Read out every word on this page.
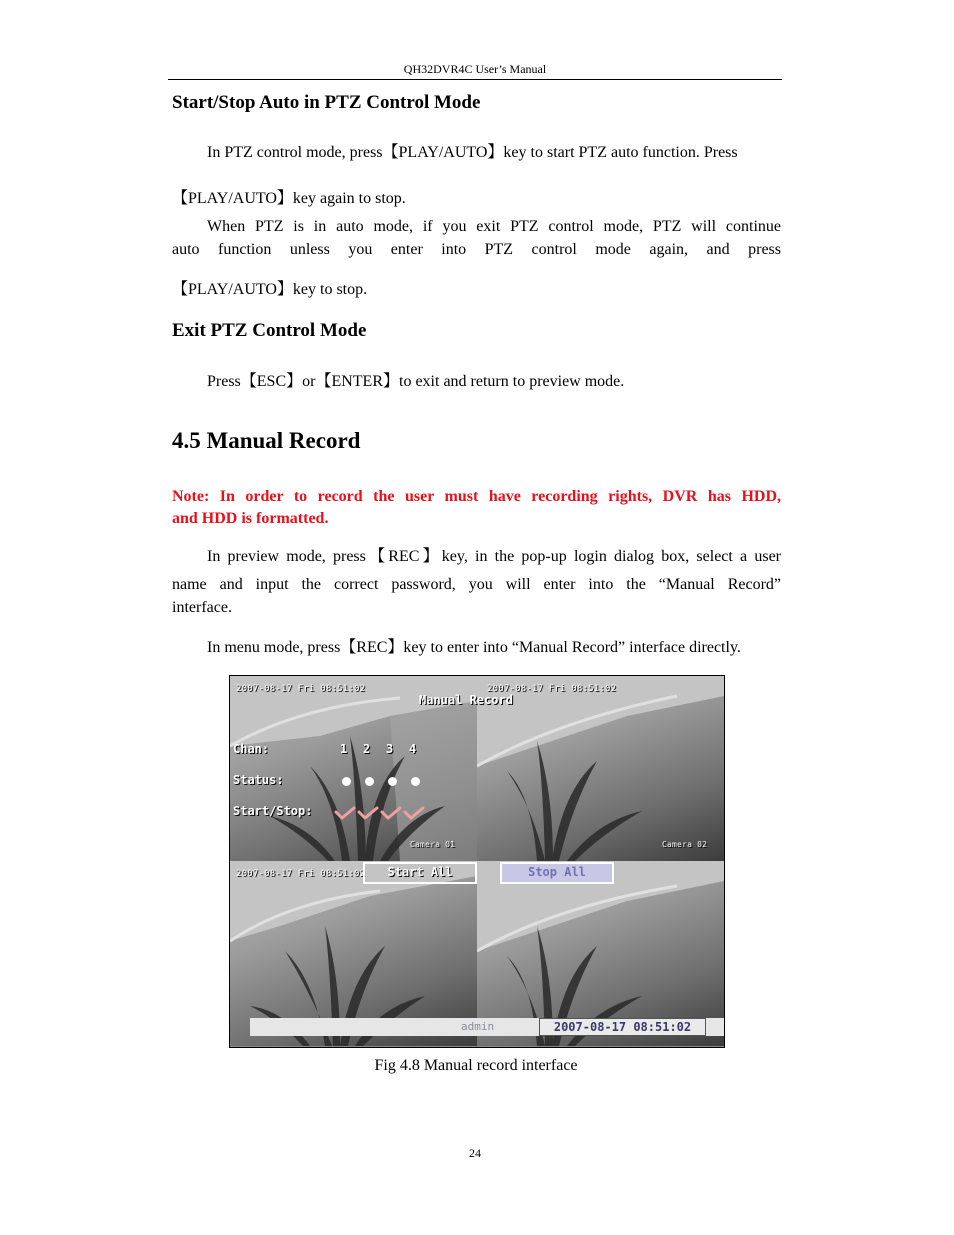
QH32DVR4C User’s Manual
Start/Stop Auto in PTZ Control Mode
In PTZ control mode, press【PLAY/AUTO】key to start PTZ auto function. Press
【PLAY/AUTO】key again to stop.
When PTZ is in auto mode, if you exit PTZ control mode, PTZ will continue
auto function unless you enter into PTZ control mode again, and press
【PLAY/AUTO】key to stop.
Exit PTZ Control Mode
Press【ESC】or【ENTER】to exit and return to preview mode.
4.5 Manual Record
Note: In order to record the user must have recording rights, DVR has HDD,
and HDD is formatted.
In preview mode, press【REC】key, in the pop-up login dialog box, select a user
name and input the correct password, you will enter into the “Manual Record”
interface.
In menu mode, press【REC】key to enter into “Manual Record” interface directly.
2007-08-17 Fri 08:51:02
Camera 01
2007-08-17 Fri 08:51:02
Camera 02
2007-08-17 Fri 08:51:02
Manual Record
Chan:	1 2 3 4
Status:
Start/Stop:
Start All	Stop All
admin	2007-08-17 08:51:02
Fig 4.8 Manual record interface
24
